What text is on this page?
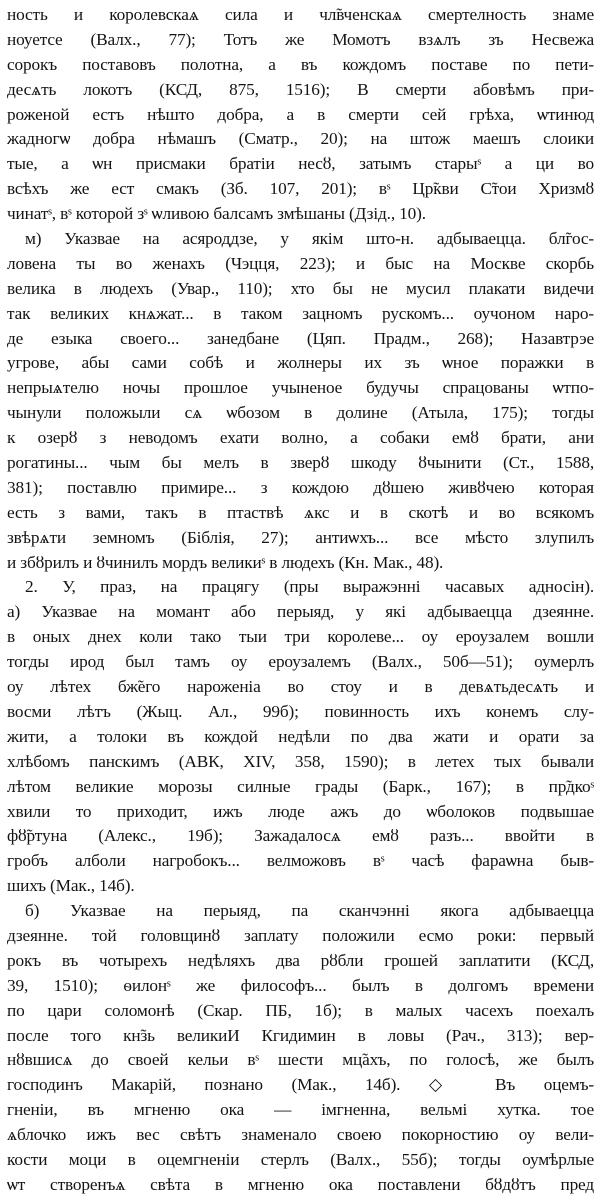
ность и королевскаѧ сила и чл̃вченскаѧ смертелность знаме
ноуетсе (Валх., 77); Тотъ же Момотъ взѧлъ зъ Несвежа
сорокъ поставовъ полотна, а въ кождомъ поставе по пети-
десѧть локотъ (КСД, 875, 1516); В смерти абовѣмъ при-
роженой естъ нѣшто добра, а в смерти сей грѣха, ѡтинюд
жадногѡ добра нѣмашъ (Сматр., 20); на штож маешъ слоики
тые, а ѡн присмаки братіи несȣ, затымъ старыˢ а ци во
всѣхъ же ест смакъ (Зб. 107, 201); вˢ Цр̃кви С̃тои Хризмȣ
чинатˢ, вˢ которой зˢ ѡливою балсамъ змѣшаны (Дзід., 10).
м) Указвае на асяроддзе, у якім што-н. адбываецца. бл̃гос-
ловена ты во женахъ (Чэцця, 223); и быс на Москве скорбь
велика в людехъ (Увар., 110); хто бы не мусил плакати видечи
так великих кнѧжат... в таком зацномъ рускомъ... оучоном наро-
де езыка своего... занедбане (Цяп. Прадм., 268); Назавтрэе
угрове, абы сами собѣ и жолнеры их зъ ѡное поражки в
непрыѧтелю ночы прошлое учыненое будучы спрацованы ѡтпо-
чынули положыли сѧ ѡбозом в долине (Атыла, 175); тогды
к озерȣ з неводомъ ехати волно, а собаки емȣ брати, ани
рогатины... чым бы мелъ в зверȣ шкоду ȣчынити (Ст., 1588,
381); поставлю примире... з кождою дȣшею живȣчею которая
есть з вами, такъ в птаствѣ ѧкс и в скотѣ и во всякомъ
звѣрѧти земномъ (Біблія, 27); антиѡхъ... все мѣсто злупилъ
и збȣрилъ и ȣчинилъ мордъ великиˢ в людехъ (Кн. Мак., 48).
2. У, праз, на працягу (пры выражэнні часавых адносін).
а) Указвае на момант або перыяд, у які адбываецца дзеянне.
в оных днех коли тако тыи три королеве... оу ероузалем вошли
тогды ирод был тамъ оу ероузалемъ (Валх., 50б—51); оумерлъ
оу лѣтех бж̃его нароженіа во стоу и в девѧтьдесѧть и
восми лѣтъ (Жыц. Ал., 99б); повинность ихъ конемъ слу-
жити, а толоки въ кождой недѣли по два жати и орати за
хлѣбомъ панскимъ (АВК, XIV, 358, 1590); в летех тых бывали
лѣтом великие морозы силные грады (Барк., 167); в пр̃дкоˢ
хвили то приходит, ижъ люде ажъ до ѡболоков подвышае
фȣ̃ртуна (Алекс., 19б); Зажадалосѧ емȣ разъ... ввойти в
гробъ алболи нагробокъ... велможовъ вˢ часѣ фараѡна быв-
шихъ (Мак., 14б).
б) Указвае на перыяд, па сканчэнні якога адбываецца
дзеянне. той головщинȣ заплату положили есмо роки: первый
рокъ въ чотырехъ недѣляхъ два рȣбли грошей заплатити (КСД,
39, 1510); ѳилонˢ же философъ... былъ в долгомъ времени
по цари соломонѣ (Скар. ПБ, 1б); в малых часехъ поехалъ
после того кн̃зь великиИ Кгидимин в ловы (Рач., 313); вер-
нȣвшисѧ до своей кельи вˢ шести мц̃ахъ, по голосѣ, же былъ
господинъ Макарій, познано (Мак., 14б). ◇ Въ оцемъ-
гненіи, въ мгненю ока — імгненна, вельмі хутка. тое
ѧблочко ижъ вес свѣтъ знаменало своею покорностию оу вели-
кости моци в оцемгненіи стерлъ (Валх., 55б); тогды оумѣрлые
ѡт створенъѧ свѣта в мгненю ока поставлени бȣдȣтъ пред
